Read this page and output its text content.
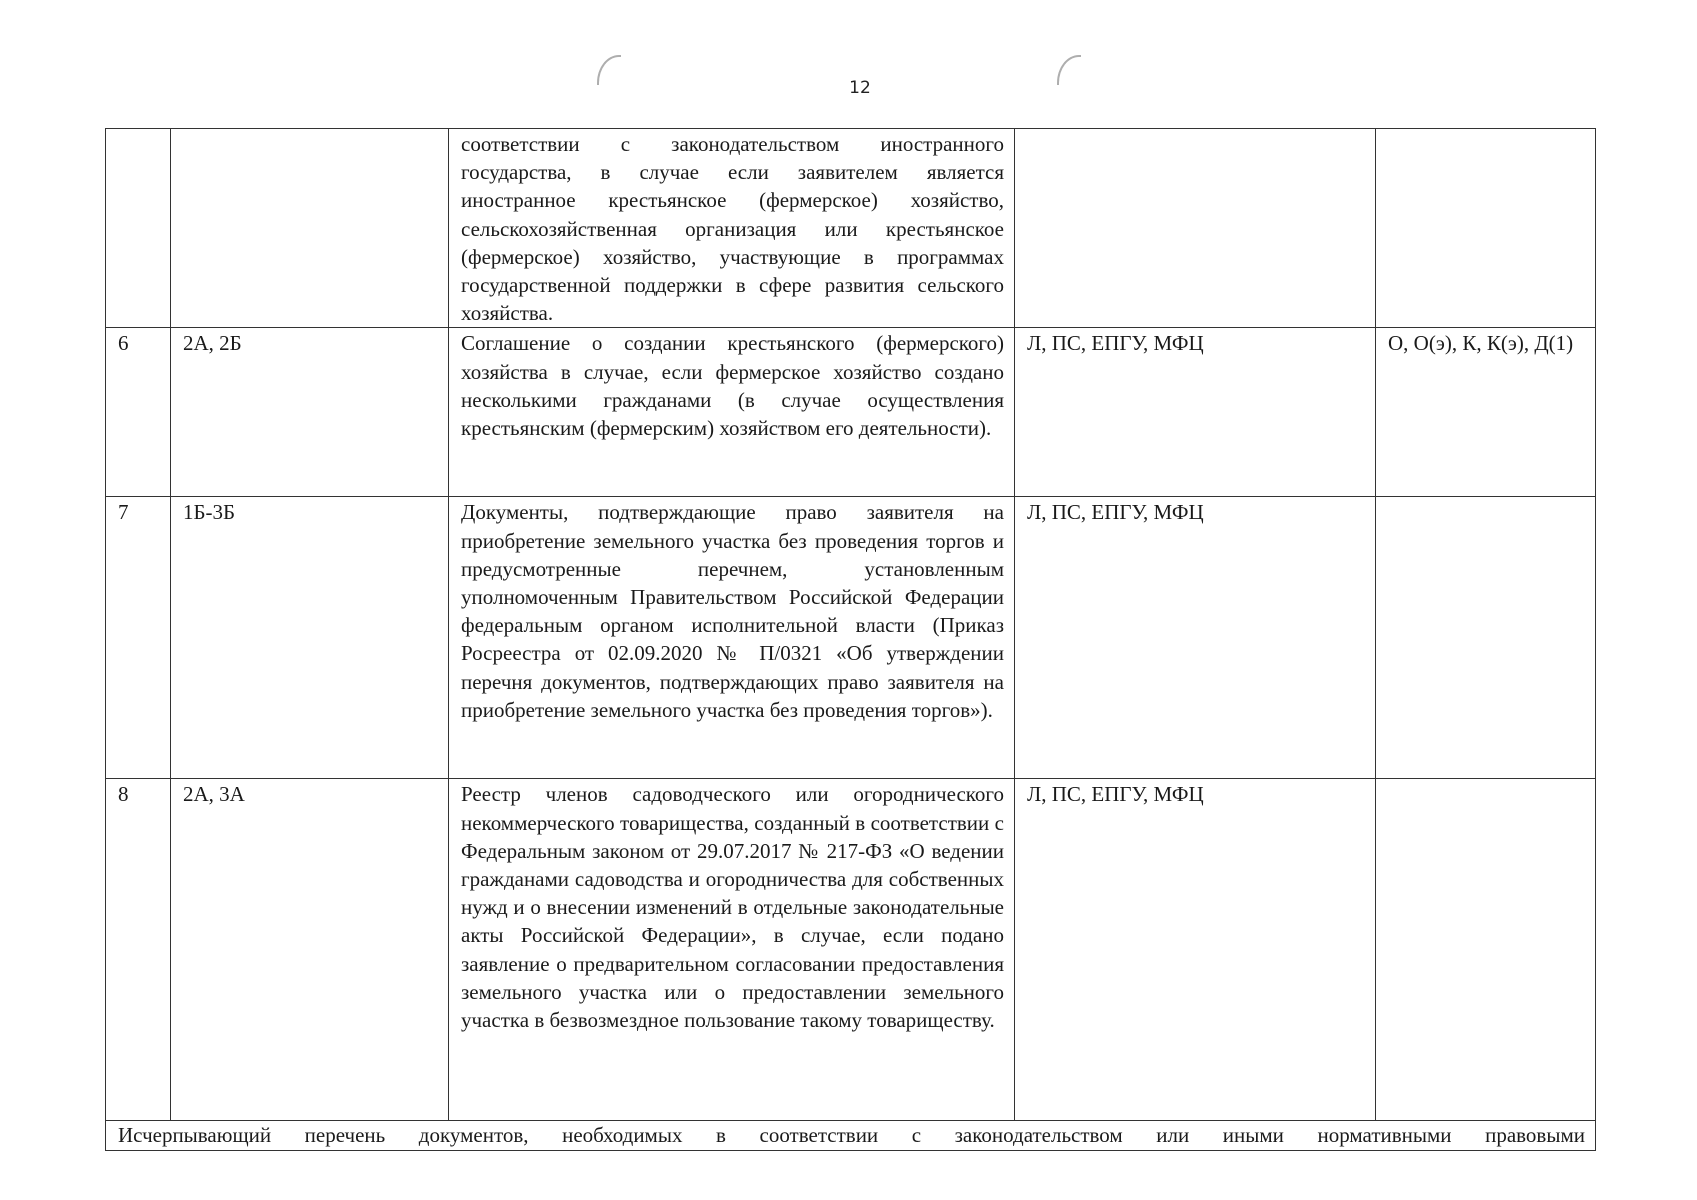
12
		соответствии с законодательством иностранного государства, в случае если заявителем является иностранное крестьянское (фермерское) хозяйство, сельскохозяйственная организация или крестьянское (фермерское) хозяйство, участвующие в программах государственной поддержки в сфере развития сельского хозяйства.		
6	2А, 2Б	Соглашение о создании крестьянского (фермерского) хозяйства в случае, если фермерское хозяйство создано несколькими гражданами (в случае осуществления крестьянским (фермерским) хозяйством его деятельности).	Л, ПС, ЕПГУ, МФЦ	О, О(э), К, К(э), Д(1)
7	1Б-3Б	Документы, подтверждающие право заявителя на приобретение земельного участка без проведения торгов и предусмотренные перечнем, установленным уполномоченным Правительством Российской Федерации федеральным органом исполнительной власти (Приказ Росреестра от 02.09.2020 № П/0321 «Об утверждении перечня документов, подтверждающих право заявителя на приобретение земельного участка без проведения торгов»).	Л, ПС, ЕПГУ, МФЦ	
8	2А, 3А	Реестр членов садоводческого или огороднического некоммерческого товарищества, созданный в соответствии с Федеральным законом от 29.07.2017 № 217-ФЗ «О ведении гражданами садоводства и огородничества для собственных нужд и о внесении изменений в отдельные законодательные акты Российской Федерации», в случае, если подано заявление о предварительном согласовании предоставления земельного участка или о предоставлении земельного участка в безвозмездное пользование такому товариществу.	Л, ПС, ЕПГУ, МФЦ	
Исчерпывающий перечень документов, необходимых в соответствии с законодательством или иными нормативными правовыми				
